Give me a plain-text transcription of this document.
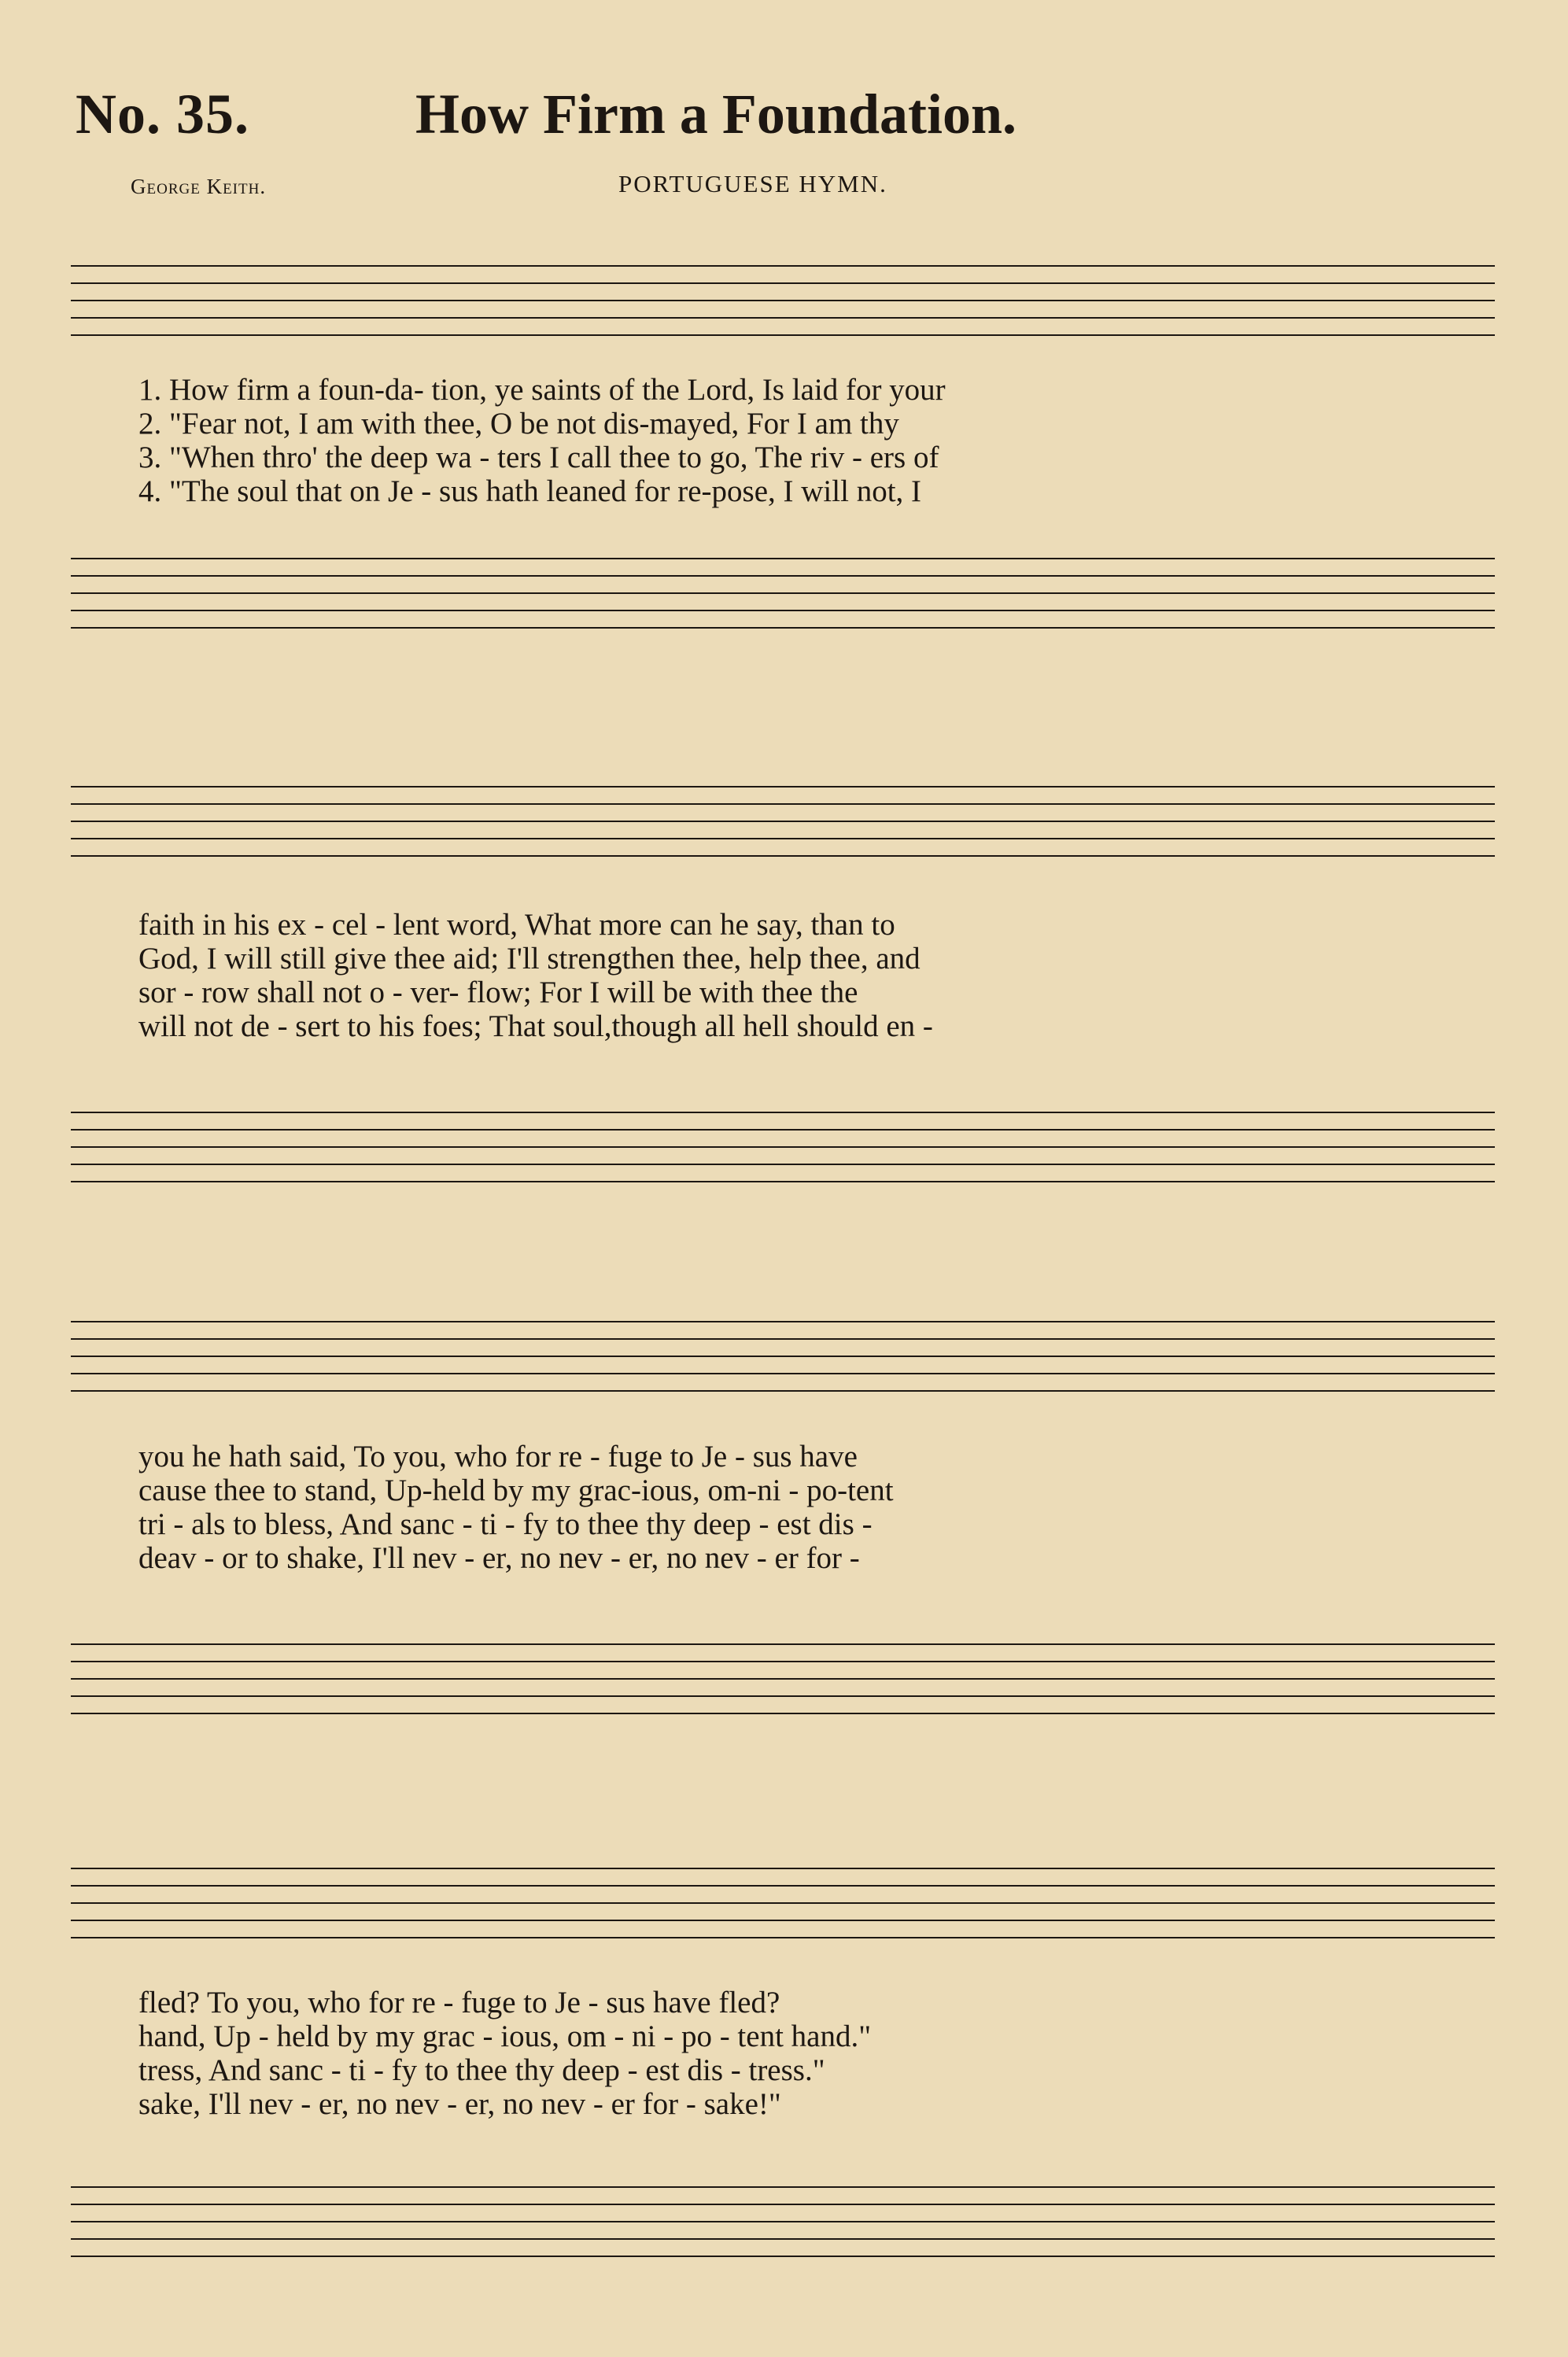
No. 35.	How Firm a Foundation.
George Keith.	PORTUGUESE HYMN.
1. How firm a foun-da- tion, ye saints of the Lord, Is laid for your
2. "Fear not, I am with thee, O be not dis-mayed, For I am thy
3. "When thro' the deep wa - ters I call thee to go, The riv - ers of
4. "The soul that on Je - sus hath leaned for re-pose, I will not, I
faith in his ex - cel - lent word, What more can he say, than to
God, I will still give thee aid; I'll strengthen thee, help thee, and
sor - row shall not o - ver- flow; For I will be with thee the
will not de - sert to his foes; That soul,though all hell should en -
you he hath said, To you, who for re - fuge to Je - sus have
cause thee to stand, Up-held by my grac-ious, om-ni - po-tent
tri - als to bless, And sanc - ti - fy to thee thy deep - est dis -
deav - or to shake, I'll nev - er, no nev - er, no nev - er for -
fled? To you, who for re - fuge to Je - sus have fled?
hand, Up - held by my grac - ious, om - ni - po - tent hand."
tress, And sanc - ti - fy to thee thy deep - est dis - tress."
sake, I'll nev - er, no nev - er, no nev - er for - sake!"
